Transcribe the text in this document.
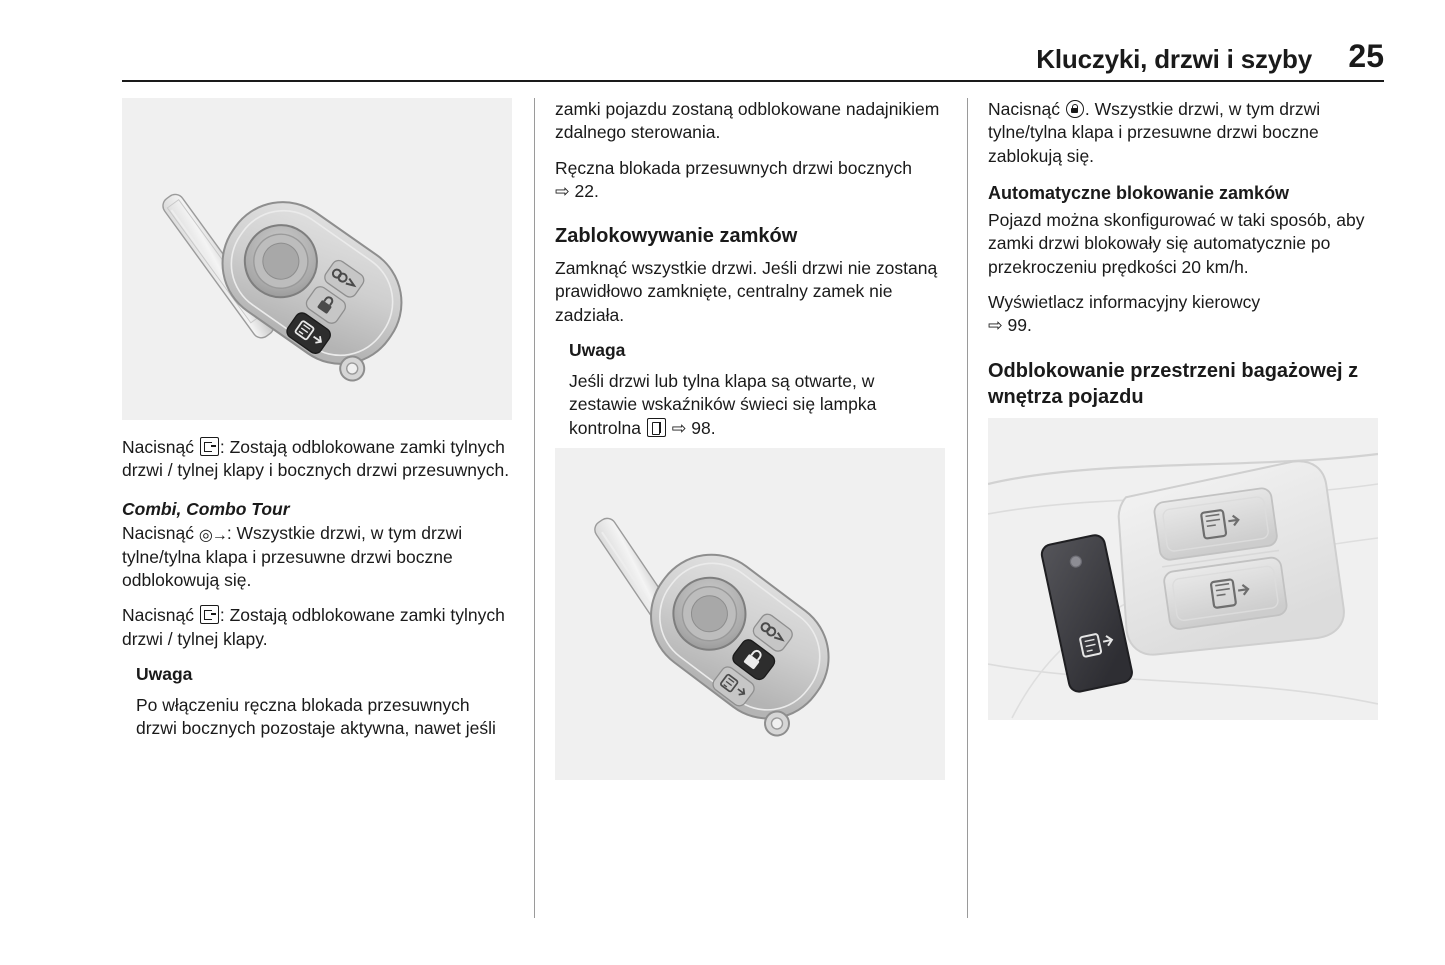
Kluczyki, drzwi i szyby	25

Nacisnąć : Zostają odblokowane zamki tylnych drzwi / tylnej klapy i bocznych drzwi przesuwnych.

Combi, Combo Tour

Nacisnąć ◎→: Wszystkie drzwi, w tym drzwi tylne/tylna klapa i przesuwne drzwi boczne odblokowują się.

Nacisnąć : Zostają odblokowane zamki tylnych drzwi / tylnej klapy.

Uwaga

Po włączeniu ręczna blokada przesuwnych drzwi bocznych pozostaje aktywna, nawet jeśli

zamki pojazdu zostaną odblokowane nadajnikiem zdalnego sterowania.

Ręczna blokada przesuwnych drzwi bocznych ⇨ 22.

Zablokowywanie zamków

Zamknąć wszystkie drzwi. Jeśli drzwi nie zostaną prawidłowo zamknięte, centralny zamek nie zadziała.

Uwaga

Jeśli drzwi lub tylna klapa są otwarte, w zestawie wskaźników świeci się lampka kontrolna  ⇨ 98.

Nacisnąć . Wszystkie drzwi, w tym drzwi tylne/tylna klapa i przesuwne drzwi boczne zablokują się.

Automatyczne blokowanie zamków

Pojazd można skonfigurować w taki sposób, aby zamki drzwi blokowały się automatycznie po przekroczeniu prędkości 20 km/h.

Wyświetlacz informacyjny kierowcy
⇨ 99.

Odblokowanie przestrzeni bagażowej z wnętrza pojazdu
